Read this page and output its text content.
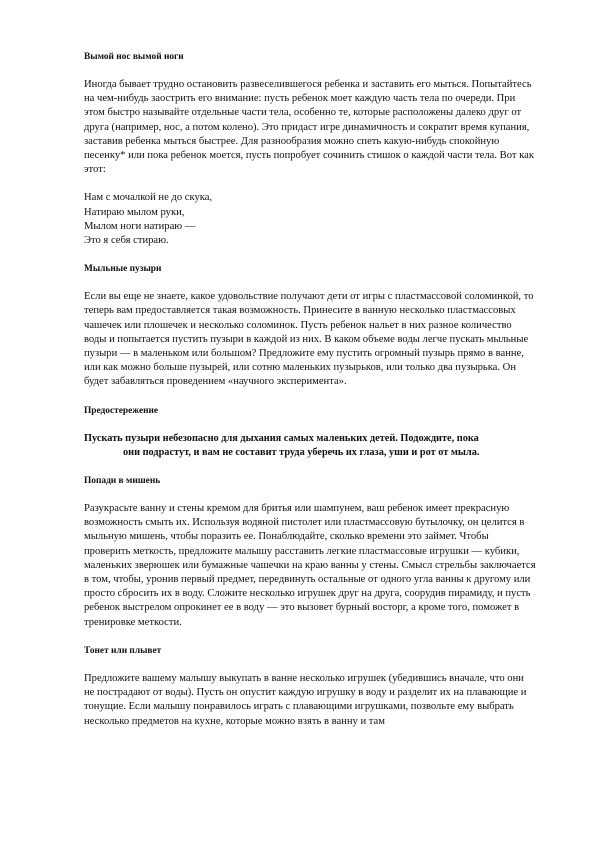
Вымой нос вымой ноги

Иногда бывает трудно остановить развеселившегося ребенка и заставить его мыться. Попытайтесь на чем-нибудь заострить его внимание: пусть ребенок моет каждую часть тела по очереди. При этом быстро называйте отдельные части тела, особенно те, которые расположены далеко друг от друга (например, нос, а потом колено). Это придаст игре динамичность и сократит время купания, заставив ребенка мыться быстрее. Для разнообразия можно спеть какую-нибудь спокойную песенку* или пока ребенок моется, пусть попробует сочинить стишок о каждой части тела. Вот как этот:

Нам с мочалкой не до скука,

Натираю мылом руки,

Мылом ноги натираю —

Это я себя стираю.

Мыльные пузыри

Если вы еще не знаете, какое удовольствие получают дети от игры с пластмассовой соломинкой, то теперь вам предоставляется такая возможность. Принесите в ванную несколько пластмассовых чашечек или плошечек и несколько соломинок. Пусть ребенок нальет в них разное количество воды и попытается пустить пузыри в каждой из них. В каком объеме воды легче пускать мыльные пузыри — в маленьком или большом? Предложите ему пустить огромный пузырь прямо в ванне, или как можно больше пузырей, или сотню маленьких пузырьков, или только два пузырька. Он будет забавляться проведением «научного эксперимента».

Предостережение

Пускать пузыри небезопасно для дыхания самых маленьких детей. Подождите, пока
они подрастут, и вам не составит труда уберечь их глаза, уши и рот от мыла.

Попади в мишень

Разукрасьте ванну и стены кремом для бритья или шампунем, ваш ребенок имеет прекрасную возможность смыть их. Используя водяной пистолет или пластмассовую бутылочку, он целится в мыльную мишень, чтобы поразить ее. Понаблюдайте, сколько времени это займет. Чтобы проверить меткость, предложите малышу расставить легкие пластмассовые игрушки — кубики, маленьких зверюшек или бумажные чашечки на краю ванны у стены. Смысл стрельбы заключается в том, чтобы, уронив первый предмет, передвинуть остальные от одного угла ванны к другому или просто сбросить их в воду. Сложите несколько игрушек друг на друга, соорудив пирамиду, и пусть ребенок выстрелом опрокинет ее в воду — это вызовет бурный восторг, а кроме того, поможет в тренировке меткости.

Тонет или плывет

Предложите вашему малышу выкупать в ванне несколько игрушек (убедившись вначале, что они не пострадают от воды). Пусть он опустит каждую игрушку в воду и разделит их на плавающие и тонущие. Если малышу понравилось играть с плавающими игрушками, позвольте ему выбрать несколько предметов на кухне, которые можно взять в ванну и там
